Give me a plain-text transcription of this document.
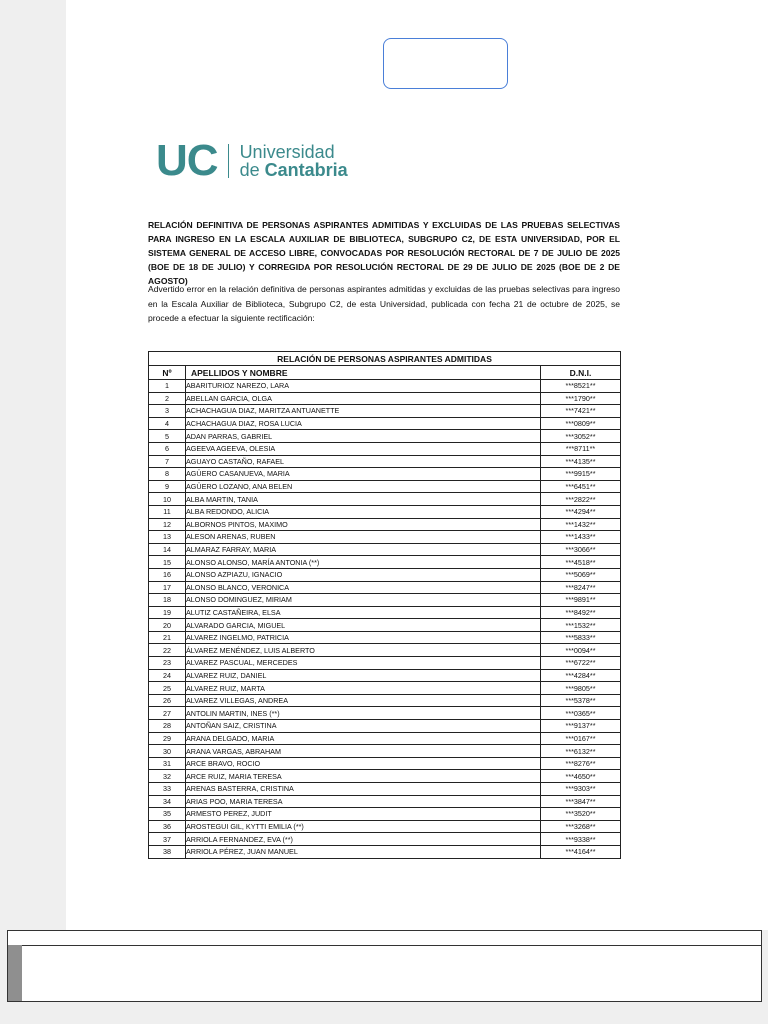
UC Universidad
de Cantabria

RELACIÓN DEFINITIVA DE PERSONAS ASPIRANTES ADMITIDAS Y EXCLUIDAS DE LAS PRUEBAS SELECTIVAS PARA INGRESO EN LA ESCALA AUXILIAR DE BIBLIOTECA, SUBGRUPO C2, DE ESTA UNIVERSIDAD, POR EL SISTEMA GENERAL DE ACCESO LIBRE, CONVOCADAS POR RESOLUCIÓN RECTORAL DE 7 DE JULIO DE 2025 (BOE DE 18 DE JULIO) Y CORREGIDA POR RESOLUCIÓN RECTORAL DE 29 DE JULIO DE 2025 (BOE DE 2 DE AGOSTO)

Advertido error en la relación definitiva de personas aspirantes admitidas y excluidas de las pruebas selectivas para ingreso en la Escala Auxiliar de Biblioteca, Subgrupo C2, de esta Universidad, publicada con fecha 21 de octubre de 2025, se procede a efectuar la siguiente rectificación:

RELACIÓN DE PERSONAS ASPIRANTES ADMITIDAS		
Nº	APELLIDOS Y NOMBRE	D.N.I.
1	ABARITURIOZ NAREZO, LARA	***8521**
2	ABELLAN GARCIA, OLGA	***1790**
3	ACHACHAGUA DIAZ, MARITZA ANTUANETTE	***7421**
4	ACHACHAGUA DIAZ, ROSA LUCIA	***0809**
5	ADAN PARRAS, GABRIEL	***3052**
6	AGEEVA AGEEVA, OLESIA	***8711**
7	AGUAYO CASTAÑO, RAFAEL	***4135**
8	AGÜERO CASANUEVA, MARIA	***9915**
9	AGÜERO LOZANO, ANA BELEN	***6451**
10	ALBA MARTIN, TANIA	***2822**
11	ALBA REDONDO, ALICIA	***4294**
12	ALBORNOS PINTOS, MAXIMO	***1432**
13	ALESON ARENAS, RUBEN	***1433**
14	ALMARAZ FARRAY, MARIA	***3066**
15	ALONSO ALONSO, MARÍA ANTONIA (**)	***4518**
16	ALONSO AZPIAZU, IGNACIO	***5069**
17	ALONSO BLANCO, VERONICA	***8247**
18	ALONSO DOMINGUEZ, MIRIAM	***9891**
19	ALUTIZ CASTAÑEIRA, ELSA	***8492**
20	ALVARADO GARCIA, MIGUEL	***1532**
21	ALVAREZ INGELMO, PATRICIA	***5833**
22	ÁLVAREZ MENÉNDEZ, LUIS ALBERTO	***0094**
23	ALVAREZ PASCUAL, MERCEDES	***6722**
24	ALVAREZ RUIZ, DANIEL	***4284**
25	ALVAREZ RUIZ, MARTA	***9805**
26	ALVAREZ VILLEGAS, ANDREA	***5378**
27	ANTOLIN MARTIN, INES (**)	***0365**
28	ANTOÑAN SAIZ, CRISTINA	***9137**
29	ARANA DELGADO, MARIA	***0167**
30	ARANA VARGAS, ABRAHAM	***6132**
31	ARCE BRAVO, ROCIO	***8276**
32	ARCE RUIZ, MARIA TERESA	***4650**
33	ARENAS BASTERRA, CRISTINA	***9303**
34	ARIAS POO, MARIA TERESA	***3847**
35	ARMESTO PEREZ, JUDIT	***3520**
36	AROSTEGUI GIL, KYTTI EMILIA (**)	***3268**
37	ARRIOLA FERNANDEZ, EVA (**)	***9338**
38	ARRIOLA PÉREZ, JUAN MANUEL	***4164**
